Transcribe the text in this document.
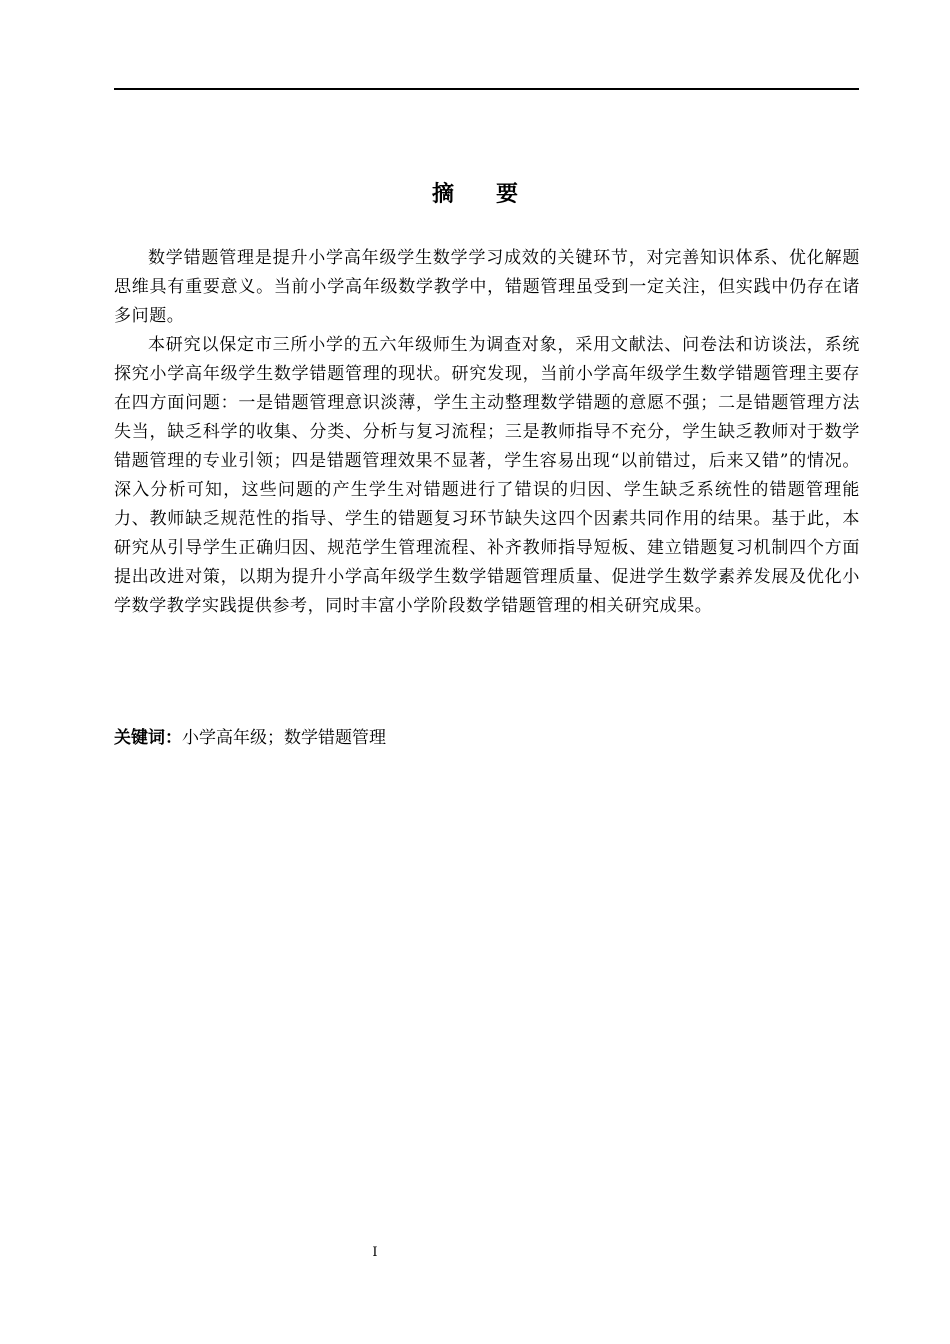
摘要

数学错题管理是提升小学高年级学生数学学习成效的关键环节，对完善知识体系、优化解题思维具有重要意义。当前小学高年级数学教学中，错题管理虽受到一定关注，但实践中仍存在诸多问题。

本研究以保定市三所小学的五六年级师生为调查对象，采用文献法、问卷法和访谈法，系统探究小学高年级学生数学错题管理的现状。研究发现，当前小学高年级学生数学错题管理主要存在四方面问题：一是错题管理意识淡薄，学生主动整理数学错题的意愿不强；二是错题管理方法失当，缺乏科学的收集、分类、分析与复习流程；三是教师指导不充分，学生缺乏教师对于数学错题管理的专业引领；四是错题管理效果不显著，学生容易出现“以前错过，后来又错”的情况。深入分析可知，这些问题的产生学生对错题进行了错误的归因、学生缺乏系统性的错题管理能力、教师缺乏规范性的指导、学生的错题复习环节缺失这四个因素共同作用的结果。基于此，本研究从引导学生正确归因、规范学生管理流程、补齐教师指导短板、建立错题复习机制四个方面提出改进对策，以期为提升小学高年级学生数学错题管理质量、促进学生数学素养发展及优化小学数学教学实践提供参考，同时丰富小学阶段数学错题管理的相关研究成果。

关键词：小学高年级；数学错题管理
I
